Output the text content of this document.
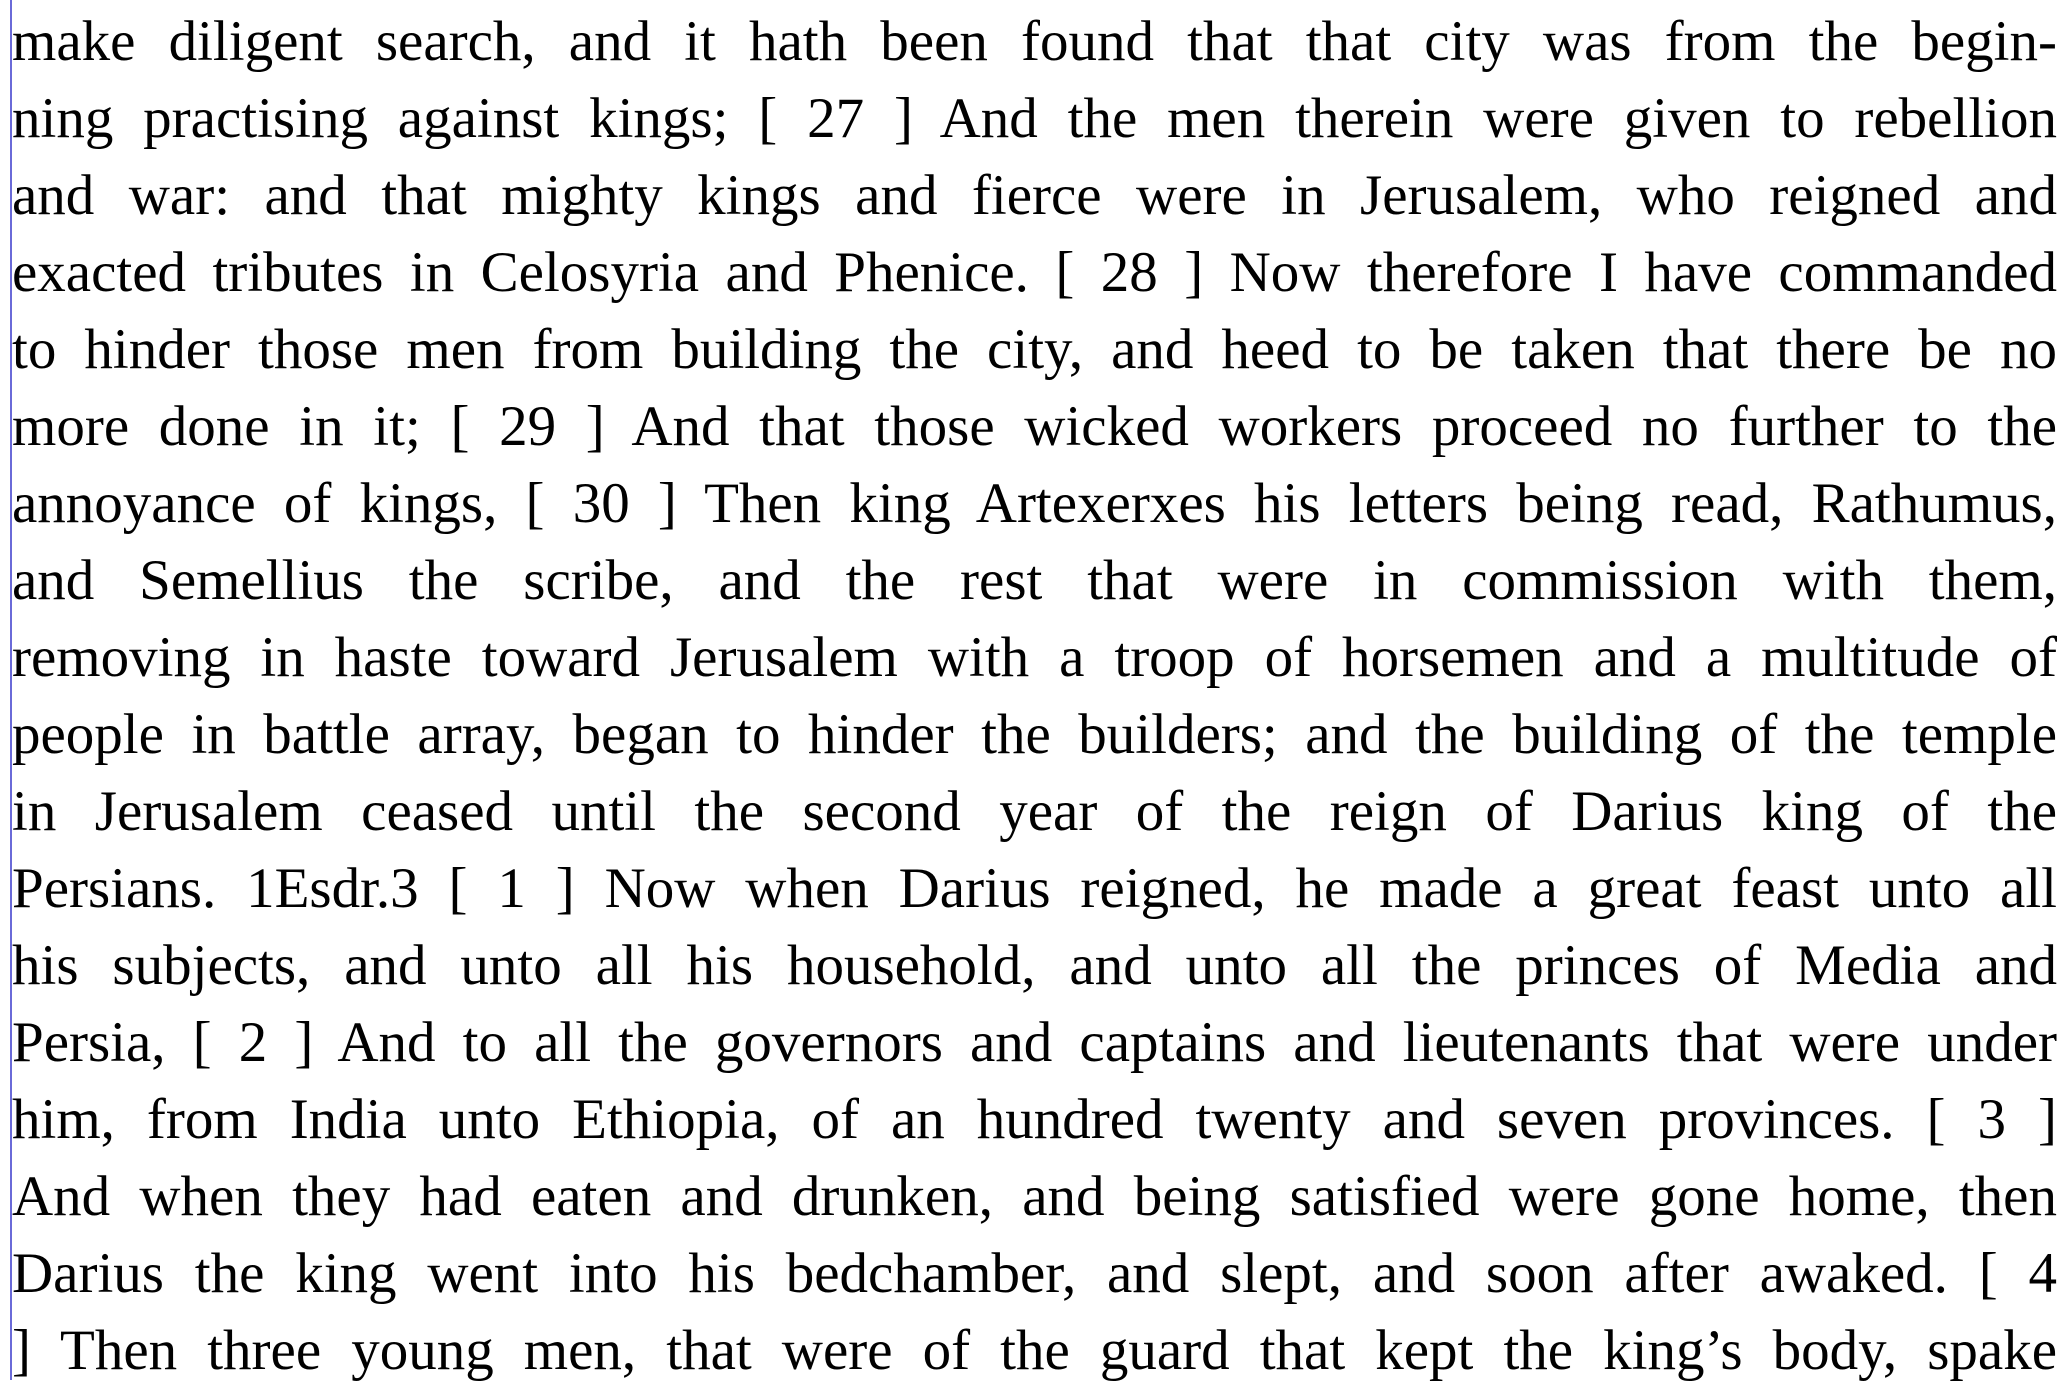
make diligent search, and it hath been found that that city was from the begin-
ning practising against kings; [ 27 ] And the men therein were given to rebellion
and war: and that mighty kings and fierce were in Jerusalem, who reigned and
exacted tributes in Celosyria and Phenice. [ 28 ] Now therefore I have commanded
to hinder those men from building the city, and heed to be taken that there be no
more done in it; [ 29 ] And that those wicked workers proceed no further to the
annoyance of kings, [ 30 ] Then king Artexerxes his letters being read, Rathumus,
and Semellius the scribe, and the rest that were in commission with them,
removing in haste toward Jerusalem with a troop of horsemen and a multitude of
people in battle array, began to hinder the builders; and the building of the temple
in Jerusalem ceased until the second year of the reign of Darius king of the
Persians. 1Esdr.3 [ 1 ] Now when Darius reigned, he made a great feast unto all
his subjects, and unto all his household, and unto all the princes of Media and
Persia, [ 2 ] And to all the governors and captains and lieutenants that were under
him, from India unto Ethiopia, of an hundred twenty and seven provinces. [ 3 ]
And when they had eaten and drunken, and being satisfied were gone home, then
Darius the king went into his bedchamber, and slept, and soon after awaked. [ 4
] Then three young men, that were of the guard that kept the king’s body, spake
